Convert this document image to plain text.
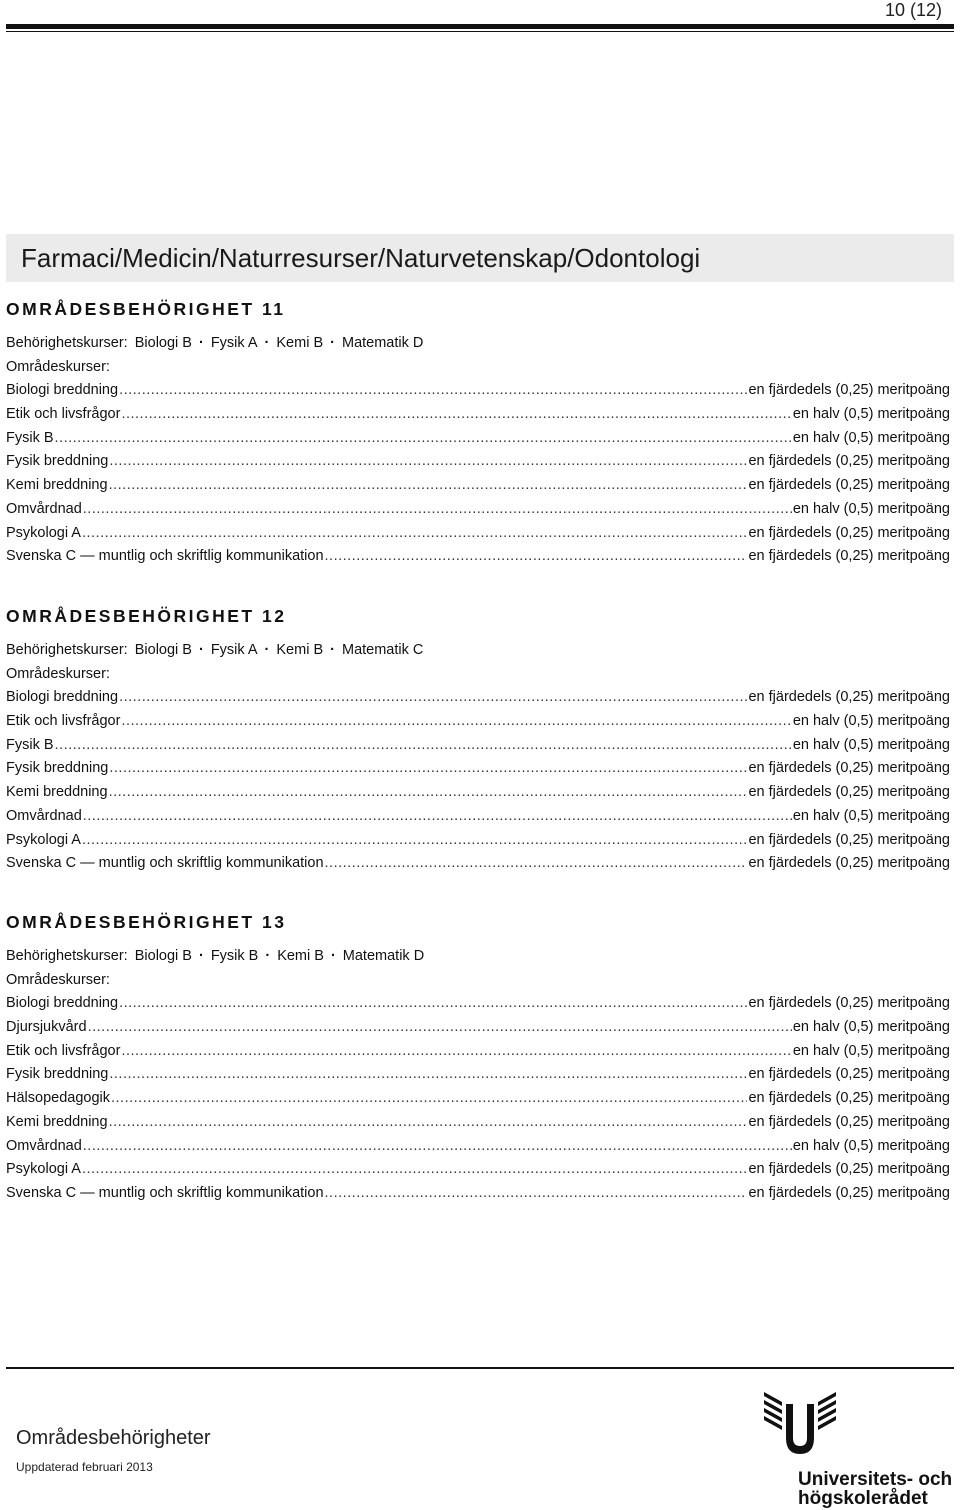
10 (12)
Farmaci/Medicin/Naturresurser/Naturvetenskap/Odontologi
OMRÅDESBEHÖRIGHET 11
Behörighetskurser: Biologi B · Fysik A · Kemi B · Matematik D
Områdeskurser:
Biologi breddning .....	en fjärdedels (0,25) meritpoäng
Etik och livsfrågor .....	en halv (0,5) meritpoäng
Fysik B .....	en halv (0,5) meritpoäng
Fysik breddning .....	en fjärdedels (0,25) meritpoäng
Kemi breddning .....	en fjärdedels (0,25) meritpoäng
Omvårdnad .....	en halv (0,5) meritpoäng
Psykologi A .....	en fjärdedels (0,25) meritpoäng
Svenska C — muntlig och skriftlig kommunikation .....	en fjärdedels (0,25) meritpoäng
OMRÅDESBEHÖRIGHET 12
Behörighetskurser: Biologi B · Fysik A · Kemi B · Matematik C
Områdeskurser:
Biologi breddning .....	en fjärdedels (0,25) meritpoäng
Etik och livsfrågor .....	en halv (0,5) meritpoäng
Fysik B .....	en halv (0,5) meritpoäng
Fysik breddning .....	en fjärdedels (0,25) meritpoäng
Kemi breddning .....	en fjärdedels (0,25) meritpoäng
Omvårdnad .....	en halv (0,5) meritpoäng
Psykologi A .....	en fjärdedels (0,25) meritpoäng
Svenska C — muntlig och skriftlig kommunikation .....	en fjärdedels (0,25) meritpoäng
OMRÅDESBEHÖRIGHET 13
Behörighetskurser: Biologi B · Fysik B · Kemi B · Matematik D
Områdeskurser:
Biologi breddning .....	en fjärdedels (0,25) meritpoäng
Djursjukvård .....	en halv (0,5) meritpoäng
Etik och livsfrågor .....	en halv (0,5) meritpoäng
Fysik breddning .....	en fjärdedels (0,25) meritpoäng
Hälsopedagogik .....	en fjärdedels (0,25) meritpoäng
Kemi breddning .....	en fjärdedels (0,25) meritpoäng
Omvårdnad .....	en halv (0,5) meritpoäng
Psykologi A .....	en fjärdedels (0,25) meritpoäng
Svenska C — muntlig och skriftlig kommunikation .....	en fjärdedels (0,25) meritpoäng
Områdesbehörigheter
Uppdaterad februari 2013
Universitets- och
högskolerådet
